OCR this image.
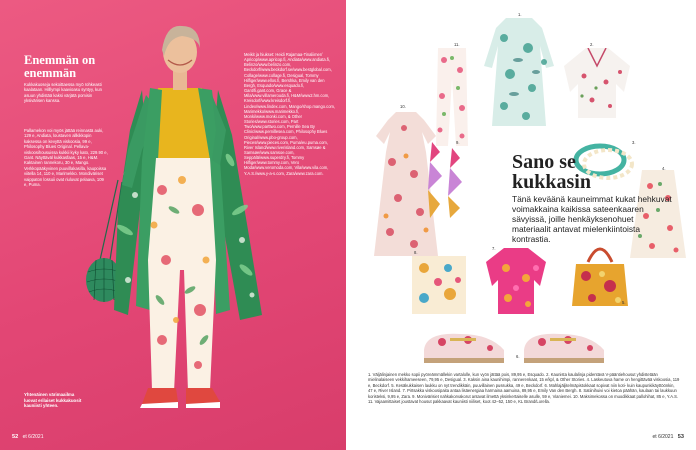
Enemmän on enemmän
Kukkakuosejа sekoittaessa myö rohkeasti kaalataan. Hilllympi kaavioasu syntyy, kun asuun yhdistää kaksi värjätä pomisin yksivärisen kanssa.
Pallamekon voi myös jättää reinnastä auki, 129 e, Andiata, loustaven allkikkopin kaksessa on kevyttä viskoosia, 99 e, Philosophy Blues Original. Pellava-viskoosihousuissa kukkii kyky kato, 229.90 e, Gant. Näyttäväl kukkasfaas, 15 e, H&M. Kaktainen rannekoru, 30 e, Mango. Verkkopääkyvinen puuvillakasilla, kaupoissa viitella 14, 110 e, Marimekko. Mondiväriset vaippaton lossuii ovat riuluvat pelaava, 109 e, Puma.
Meikit ja hiukset: Heidi Rajamaa-Tinaliimer/ Apricop/www.apricop.fi, Andiata/www.andiata.fi, Belinzo/www.belinzo.com, Beckdorf/www.beckdorf.se/www.bestglobal.com, Collage/www.collage.fi, Desigual, Tommy Hilfiger/www.ellos.fi, Bershka, Emily van den Bergh, Esquado/www.esquado.fi, Gant/fi.gant.com, Grace & Mila/www.villamerouda.fi, H&M/www2.hm.com, Kreisdorf/www.kreisdorf.fi, Lindex/www.lindex.com, Mango/shop.mango.com, Marimekko/www.marimekko.fi, Monki/www.monki.com, & Other Stories/www.stories.com, Part Two/www.parttwo.com, Pernille Sea By Clinic/www.pernillesea.com, Philosophy Blues Original/www.pbo-group.com, Pieces/www.pieces.com, Puma/eu.puma.com, River Island/www.riverisland.com, Samsøe & Samsøe/www.samsoe.com, Seppälä/www.superdry.fi, Tommy Hilfiger/www.tommy.com, Vero Moda/www.veromoda.com, Vila/www.vila.com, Y.A.S./www.y-a-s.com, Zara/www.zara.com.
Yhtenäinen värimaailma luovat erilaiset kukkakuosit kauniisti yhteen.
52 et 6/2021
1.
2.
3.
4.
5.
6.
7.
8.
9.
10.
11.
Sano se kukkasin
Tänä keväänä kauneimmat kukat hehkuvat voimakkaina kaikissa sateenkaaren sävyissä, joille henkäyksenohuet materiaalit antavat mielenkiintoista kontrastia.
1. Väljälinjainen mekko sopii pyöreämmällekin vartalolle, kun vyön jättää pois, 89,95 e, Esquado. 2. Kaunista kaulalinja pidentävä V-pääntiehousut yhdistetään mielinalaiseen vekkihameeseen, 79,95 e, Desigual. 3. Kaksin aina kaunihimpi, rannerenkaat, 15 e/kpl, & Other Stories. 4. Laskeutuva hame on hengittävää viskoosia, 119 e, Beckdorf. 5. Kesäkukkaisen laukku on nyt trendikkäin, puuvillainen pussukka, 49 e, Beckdorf. 6. Mahlajäljitelmäpistokkaat sopivat niin koti- kuin kaupunkikäyttöönkin, 47 e, River Island. 7. Pirtsakka viskoosipaita antaa lisäenergiaa harmaina aamuina, 89,95 e, Emily Van den Bergh. 8. Satiinihuivi voi kietoa päähän, kaulaan tai laukkuun koristeksi, 9,95 e, Zara. 9. Monivärisiet nahkakorvakorut antavat ilmettä yksinkertaiselle asulle, 59 e, Vianiemei. 10. Maksimekossa on muodikkaat pallohihat, 85 e, Y.A.S. 11. Vajaamittaiset joustavat housut pakkaavat kauniisti niiliset, koot 42–52, 150 e, KL Brand/Lorella.
et 6/2021 53
